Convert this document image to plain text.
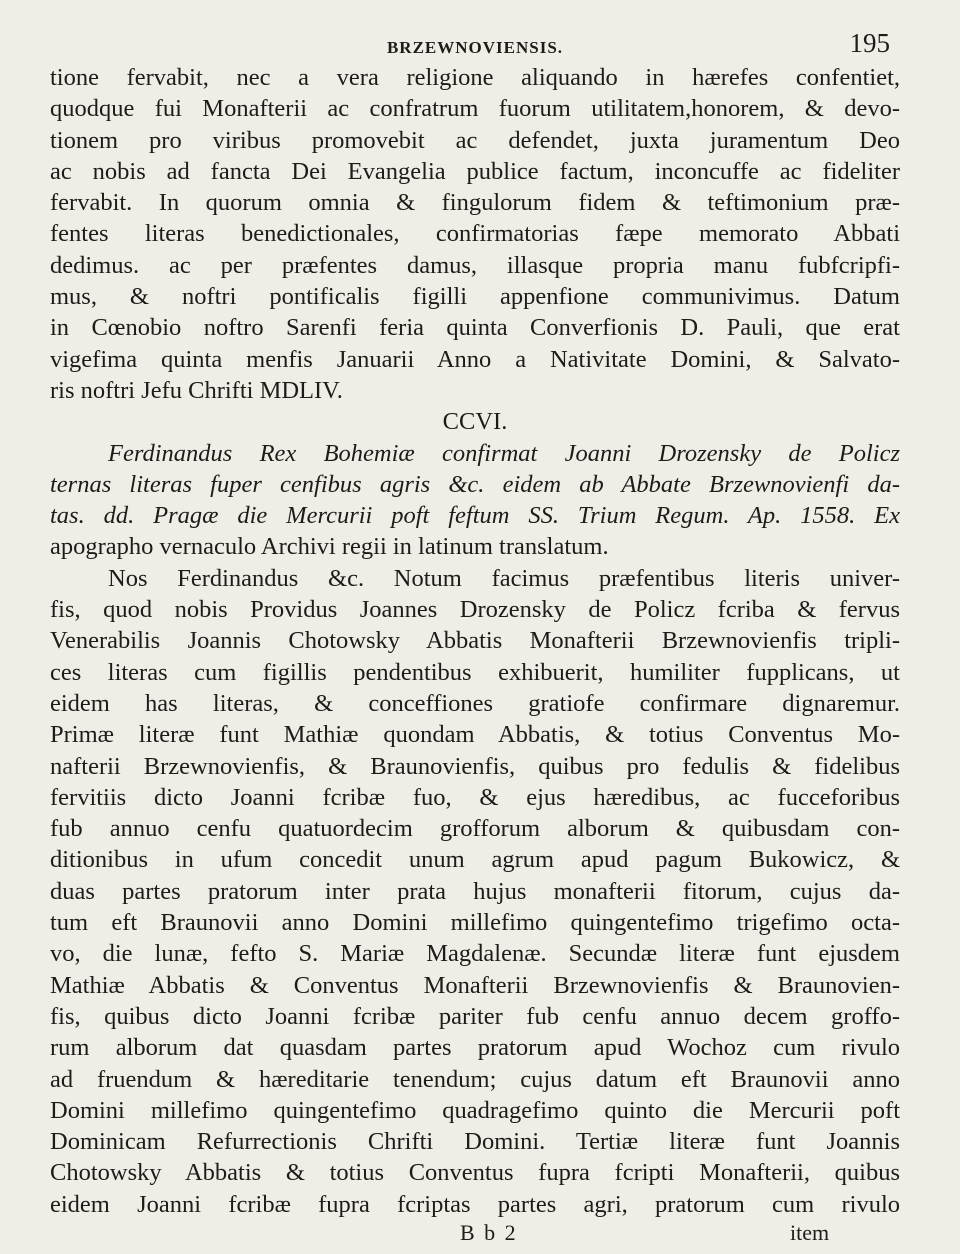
BRZEWNOVIENSIS.	195
tione fervabit, nec a vera religione aliquando in hærefes confentiet,
quodque fui Monafterii ac confratrum fuorum utilitatem,honorem, & devo-
tionem pro viribus promovebit ac defendet, juxta juramentum Deo
ac nobis ad fancta Dei Evangelia publice factum, inconcuffe ac fideliter
fervabit. In quorum omnia & fingulorum fidem & teftimonium præ-
fentes literas benedictionales, confirmatorias fæpe memorato Abbati
dedimus. ac per præfentes damus, illasque propria manu fubfcripfi-
mus, & noftri pontificalis figilli appenfione communivimus. Datum
in Cœnobio noftro Sarenfi feria quinta Converfionis D. Pauli, que erat
vigefima quinta menfis Januarii Anno a Nativitate Domini, & Salvato-
ris noftri Jefu Chrifti MDLIV.
CCVI.
Ferdinandus Rex Bohemiæ confirmat Joanni Drozensky de Policz
ternas literas fuper cenfibus agris &c. eidem ab Abbate Brzewnovienfi da-
tas. dd. Pragæ die Mercurii poft feftum SS. Trium Regum. Ap. 1558. Ex
apographo vernaculo Archivi regii in latinum translatum.
Nos Ferdinandus &c. Notum facimus præfentibus literis univer-
fis, quod nobis Providus Joannes Drozensky de Policz fcriba & fervus
Venerabilis Joannis Chotowsky Abbatis Monafterii Brzewnovienfis tripli-
ces literas cum figillis pendentibus exhibuerit, humiliter fupplicans, ut
eidem has literas, & conceffiones gratiofe confirmare dignaremur.
Primæ literæ funt Mathiæ quondam Abbatis, & totius Conventus Mo-
nafterii Brzewnovienfis, & Braunovienfis, quibus pro fedulis & fidelibus
fervitiis dicto Joanni fcribæ fuo, & ejus hæredibus, ac fucceforibus
fub annuo cenfu quatuordecim grofforum alborum & quibusdam con-
ditionibus in ufum concedit unum agrum apud pagum Bukowicz, &
duas partes pratorum inter prata hujus monafterii fitorum, cujus da-
tum eft Braunovii anno Domini millefimo quingentefimo trigefimo octa-
vo, die lunæ, fefto S. Mariæ Magdalenæ. Secundæ literæ funt ejusdem
Mathiæ Abbatis & Conventus Monafterii Brzewnovienfis & Braunovien-
fis, quibus dicto Joanni fcribæ pariter fub cenfu annuo decem groffo-
rum alborum dat quasdam partes pratorum apud Wochoz cum rivulo
ad fruendum & hæreditarie tenendum; cujus datum eft Braunovii anno
Domini millefimo quingentefimo quadragefimo quinto die Mercurii poft
Dominicam Refurrectionis Chrifti Domini. Tertiæ literæ funt Joannis
Chotowsky Abbatis & totius Conventus fupra fcripti Monafterii, quibus
eidem Joanni fcribæ fupra fcriptas partes agri, pratorum cum rivulo
B b 2	item
